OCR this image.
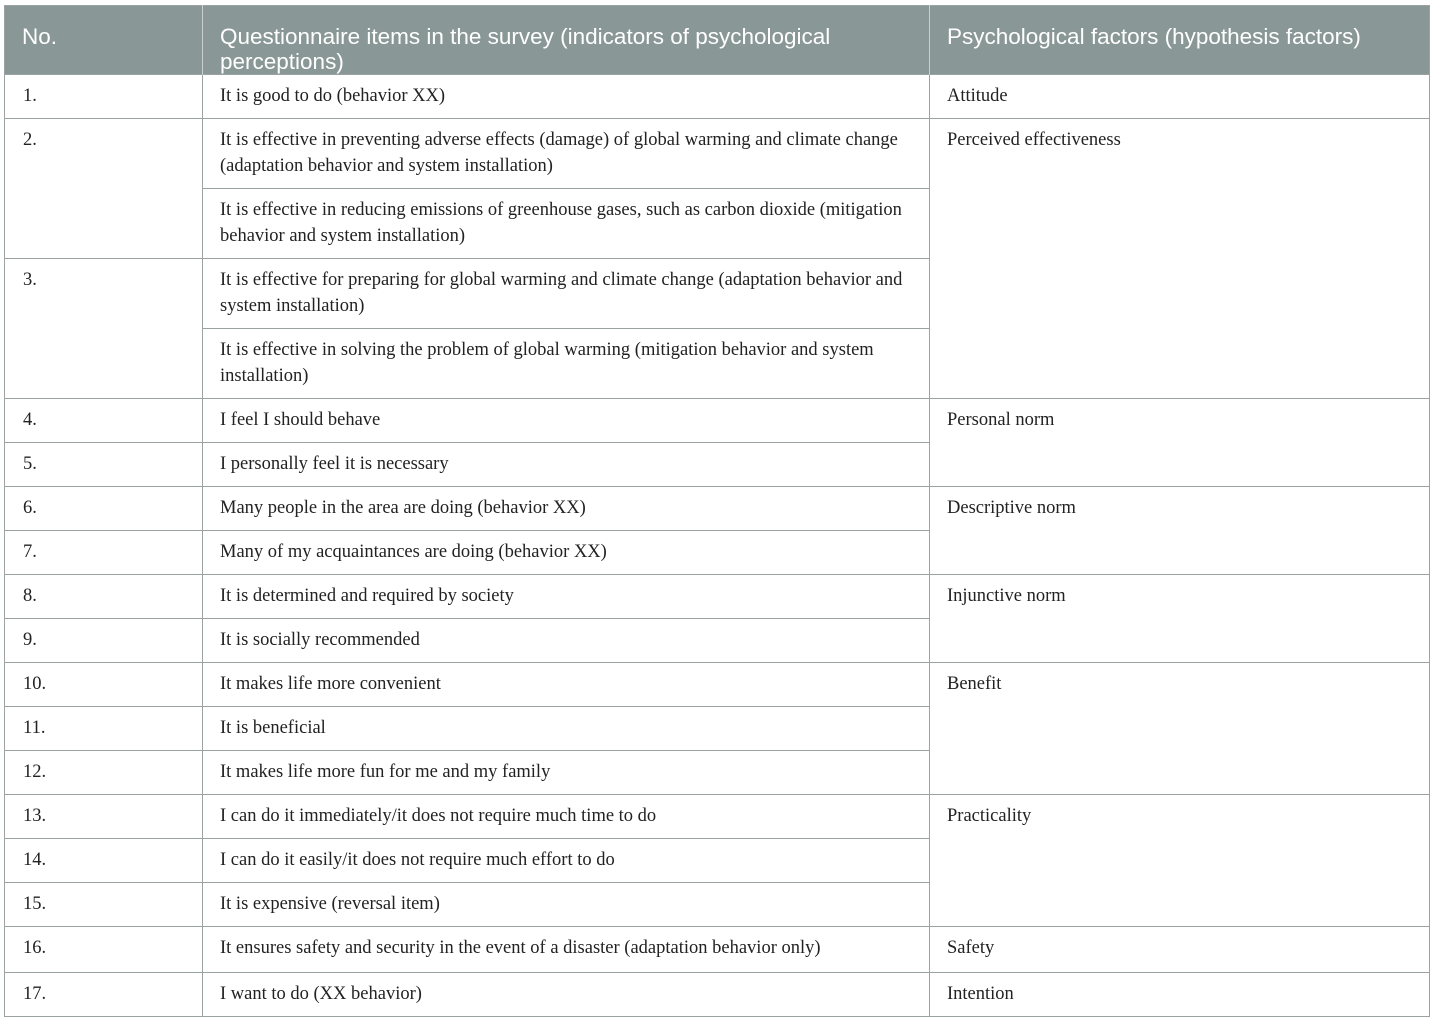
No.	Questionnaire items in the survey (indicators of psychological perceptions)	Psychological factors (hypothesis factors)
1.	It is good to do (behavior XX)	Attitude
2.	It is effective in preventing adverse effects (damage) of global warming and climate change (adaptation behavior and system installation)	Perceived effectiveness
	It is effective in reducing emissions of greenhouse gases, such as carbon dioxide (mitigation behavior and system installation)	
3.	It is effective for preparing for global warming and climate change (adaptation behavior and system installation)	
	It is effective in solving the problem of global warming (mitigation behavior and system installation)	
4.	I feel I should behave	Personal norm
5.	I personally feel it is necessary	
6.	Many people in the area are doing (behavior XX)	Descriptive norm
7.	Many of my acquaintances are doing (behavior XX)	
8.	It is determined and required by society	Injunctive norm
9.	It is socially recommended	
10.	It makes life more convenient	Benefit
11.	It is beneficial	
12.	It makes life more fun for me and my family	
13.	I can do it immediately/it does not require much time to do	Practicality
14.	I can do it easily/it does not require much effort to do	
15.	It is expensive (reversal item)	
16.	It ensures safety and security in the event of a disaster (adaptation behavior only)	Safety
17.	I want to do (XX behavior)	Intention
